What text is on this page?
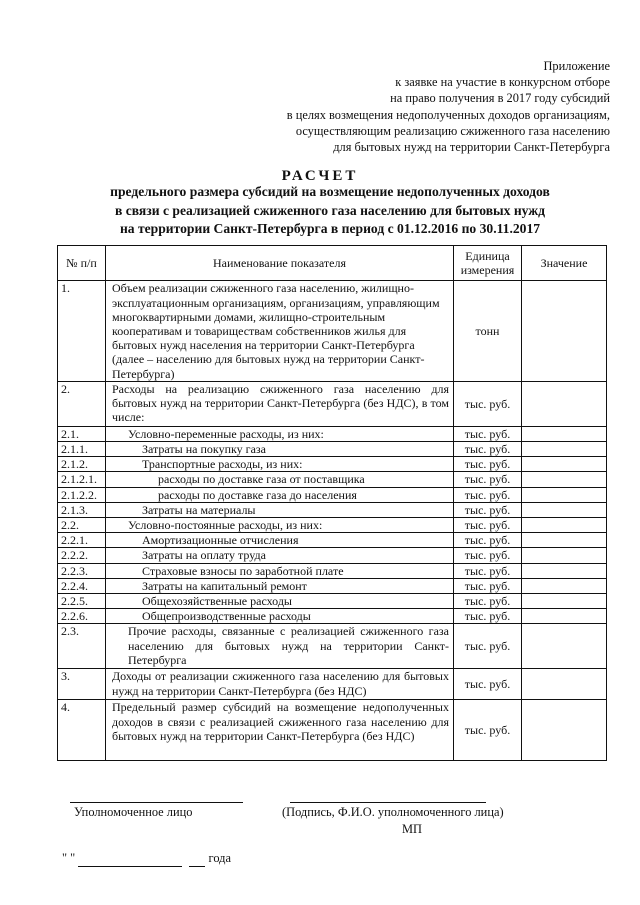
Приложение
к заявке на участие в конкурсном отборе
на право получения в 2017 году субсидий
в целях возмещения недополученных доходов организациям,
осуществляющим реализацию сжиженного газа населению
для бытовых нужд на территории Санкт-Петербурга
РАСЧЕТ
предельного размера субсидий на возмещение недополученных доходов
в связи с реализацией сжиженного газа населению для бытовых нужд
на территории Санкт-Петербурга в период с 01.12.2016 по 30.11.2017
№ п/п	Наименование показателя	Единица измерения	Значение
1.	Объем реализации сжиженного газа населению, жилищно-эксплуатационным организациям, организациям, управляющим многоквартирными домами, жилищно-строительным кооперативам и товариществам собственников жилья для бытовых нужд населения на территории Санкт-Петербурга (далее – населению для бытовых нужд на территории Санкт-Петербурга)	тонн	
2.	Расходы на реализацию сжиженного газа населению для бытовых нужд на территории Санкт-Петербурга (без НДС), в том числе:	тыс. руб.	
2.1.	Условно-переменные расходы, из них:	тыс. руб.	
2.1.1.	Затраты на покупку газа	тыс. руб.	
2.1.2.	Транспортные расходы, из них:	тыс. руб.	
2.1.2.1.	расходы по доставке газа от поставщика	тыс. руб.	
2.1.2.2.	расходы по доставке газа до населения	тыс. руб.	
2.1.3.	Затраты на материалы	тыс. руб.	
2.2.	Условно-постоянные расходы, из них:	тыс. руб.	
2.2.1.	Амортизационные отчисления	тыс. руб.	
2.2.2.	Затраты на оплату труда	тыс. руб.	
2.2.3.	Страховые взносы по заработной плате	тыс. руб.	
2.2.4.	Затраты на капитальный ремонт	тыс. руб.	
2.2.5.	Общехозяйственные расходы	тыс. руб.	
2.2.6.	Общепроизводственные расходы	тыс. руб.	
2.3.	Прочие расходы, связанные с реализацией сжиженного газа населению для бытовых нужд на территории Санкт-Петербурга	тыс. руб.	
3.	Доходы от реализации сжиженного газа населению для бытовых нужд на территории Санкт-Петербурга (без НДС)	тыс. руб.	
4.	Предельный размер субсидий на возмещение недополученных доходов в связи с реализацией сжиженного газа населению для бытовых нужд на территории Санкт-Петербурга (без НДС)	тыс. руб.	
Уполномоченное лицо	(Подпись, Ф.И.О. уполномоченного лица)
МП
" "	года
